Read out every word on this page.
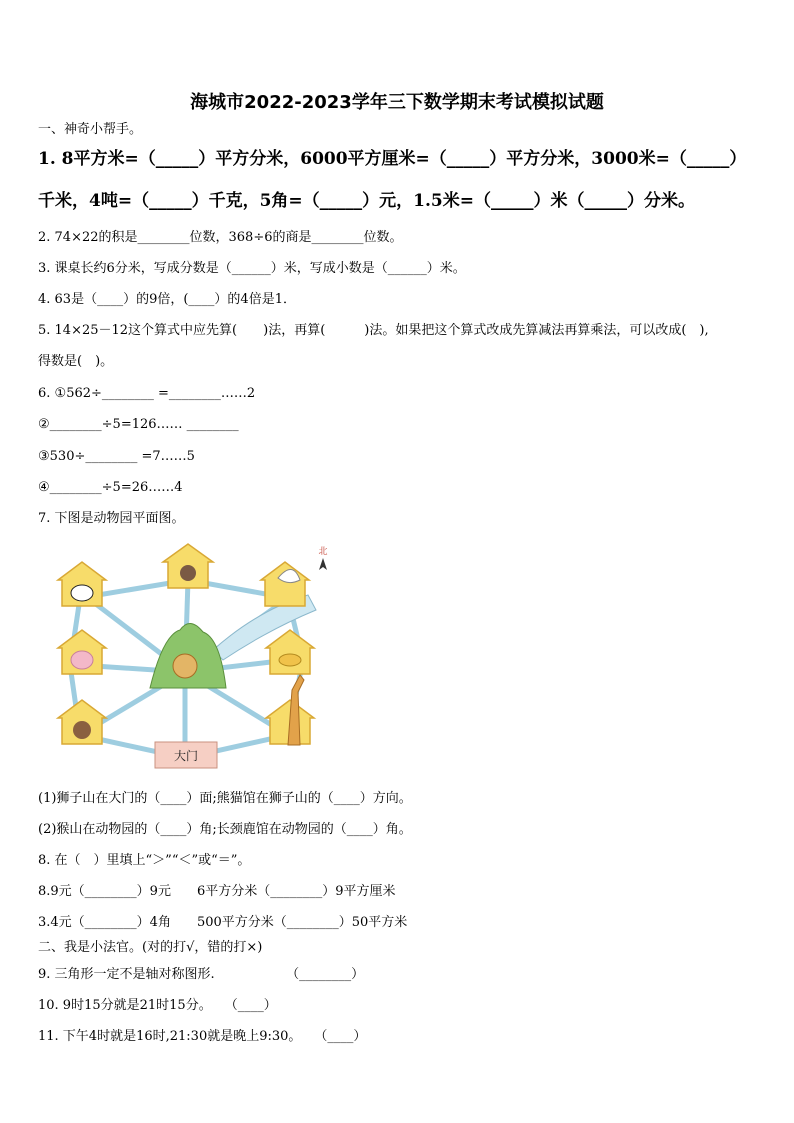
海城市2022-2023学年三下数学期末考试模拟试题
一、神奇小帮手。
1. 8平方米=（_____）平方分米，6000平方厘米=（_____）平方分米，3000米=（_____）
千米，4吨=（_____）千克，5角=（_____）元，1.5米=（_____）米（_____）分米。
2. 74×22的积是________位数，368÷6的商是________位数。
3. 课桌长约6分米，写成分数是（______）米，写成小数是（______）米。
4. 63是（____）的9倍，(____）的4倍是1．
5. 14×25－12这个算式中应先算(　　)法，再算(　　　)法。如果把这个算式改成先算减法再算乘法，可以改成(　),
得数是(　)。
6. ①562÷________ =________……2
②________÷5=126…… ________
③530÷________ =7……5
④________÷5=26……4
7. 下图是动物园平面图。
大门
北
(1)狮子山在大门的（____）面;熊猫馆在狮子山的（____）方向。
(2)猴山在动物园的（____）角;长颈鹿馆在动物园的（____）角。
8. 在（　）里填上“＞”“＜”或“＝”。
8.9元（________）9元　　6平方分米（________）9平方厘米
3.4元（________）4角　　500平方分米（________）50平方米
二、我是小法官。(对的打√，错的打×)
9. 三角形一定不是轴对称图形.　　　　　　（________）
10. 9时15分就是21时15分。　　（____）
11. 下午4时就是16时,21:30就是晚上9:30。　　（____）
